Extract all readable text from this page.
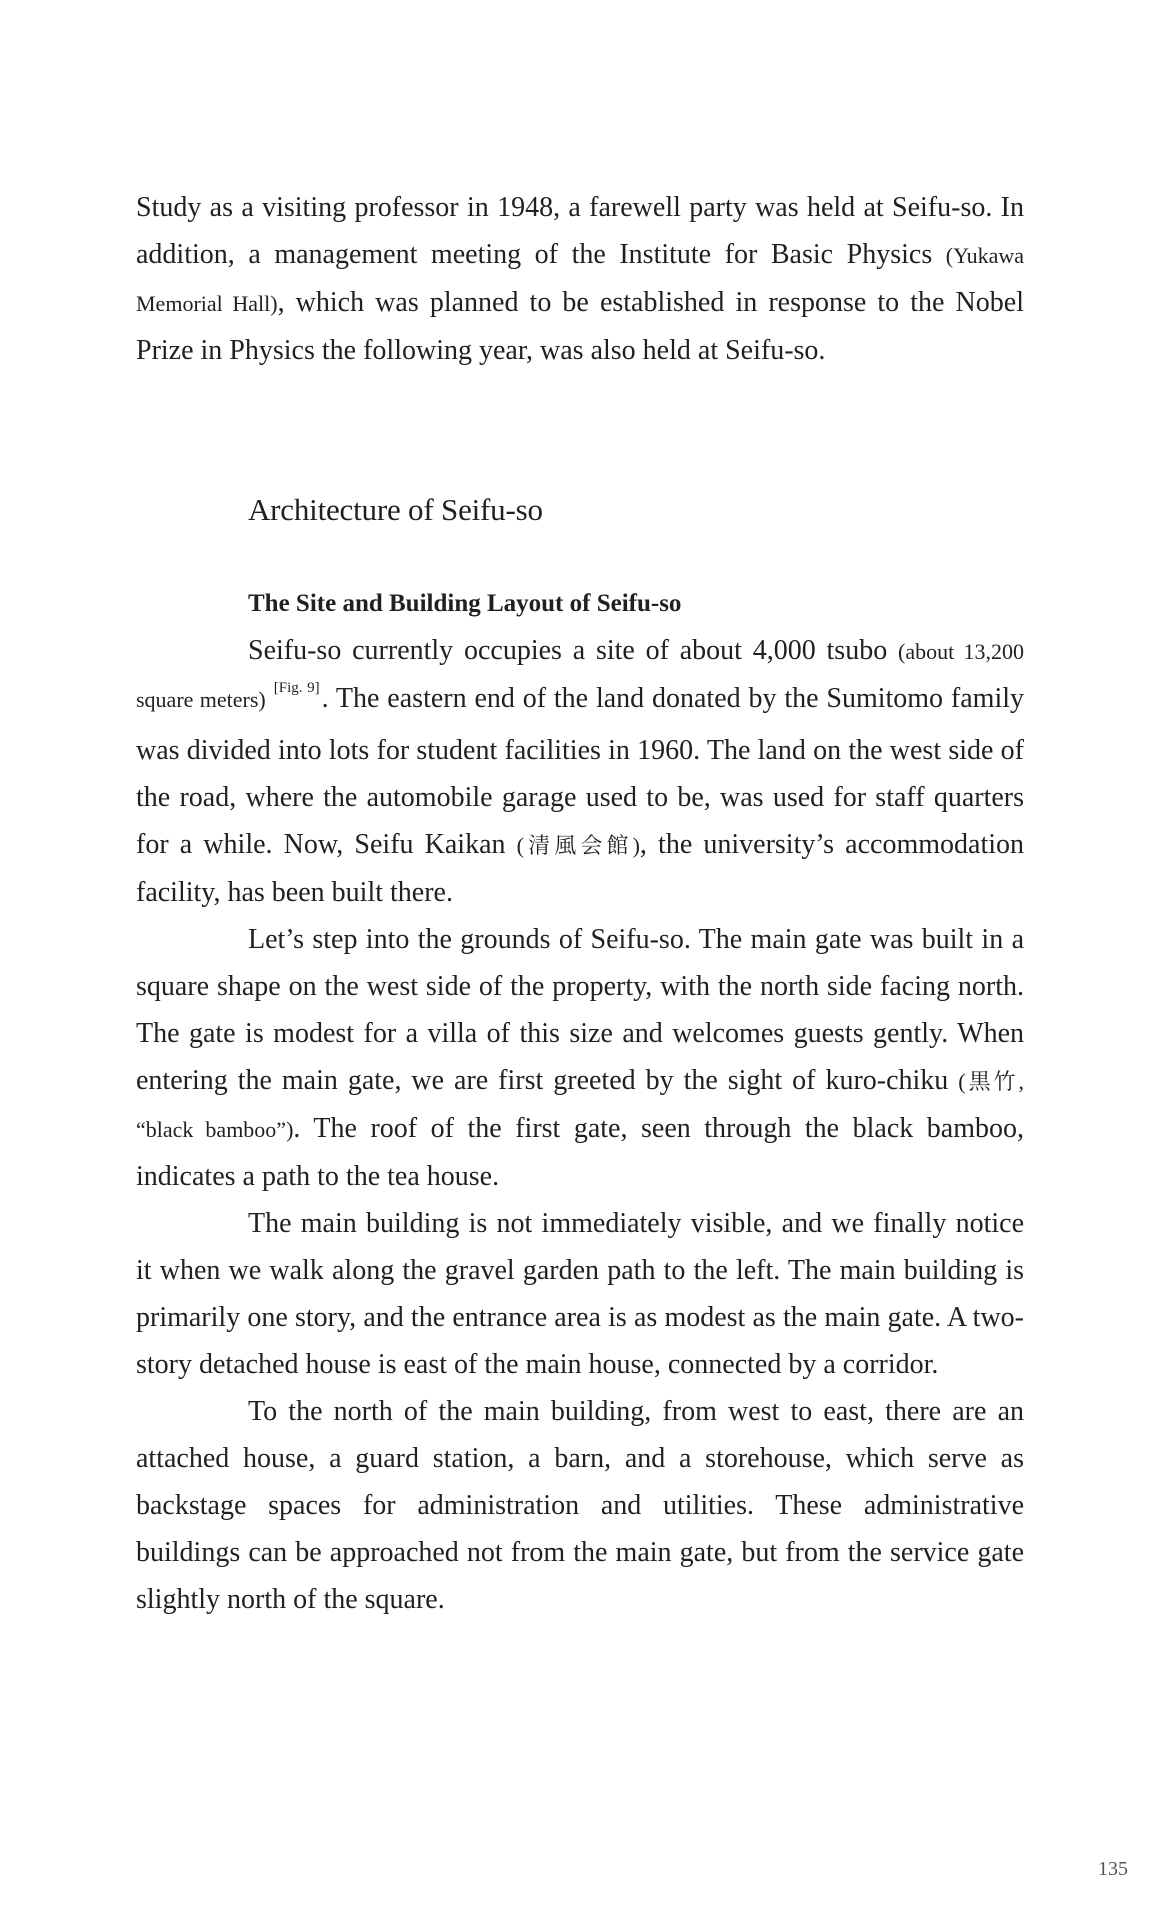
Study as a visiting professor in 1948, a farewell party was held at Seifu-so. In addition, a management meeting of the Institute for Basic Physics (Yukawa Memorial Hall), which was planned to be established in response to the Nobel Prize in Physics the following year, was also held at Seifu-so.

Architecture of Seifu-so
The Site and Building Layout of Seifu-so

Seifu-so currently occupies a site of about 4,000 tsubo (about 13,200 square meters) [Fig. 9]. The eastern end of the land donated by the Sumitomo family was divided into lots for student facilities in 1960. The land on the west side of the road, where the automobile garage used to be, was used for staff quarters for a while. Now, Seifu Kaikan (清風会館), the university’s accommodation facility, has been built there.

Let’s step into the grounds of Seifu-so. The main gate was built in a square shape on the west side of the property, with the north side facing north. The gate is modest for a villa of this size and welcomes guests gently. When entering the main gate, we are first greeted by the sight of kuro-chiku (黒竹, “black bamboo”). The roof of the first gate, seen through the black bamboo, indicates a path to the tea house.

The main building is not immediately visible, and we finally notice it when we walk along the gravel garden path to the left. The main building is primarily one story, and the entrance area is as modest as the main gate. A two-story detached house is east of the main house, connected by a corridor.

To the north of the main building, from west to east, there are an attached house, a guard station, a barn, and a storehouse, which serve as backstage spaces for administration and utilities. These administrative buildings can be approached not from the main gate, but from the service gate slightly north of the square.

135
